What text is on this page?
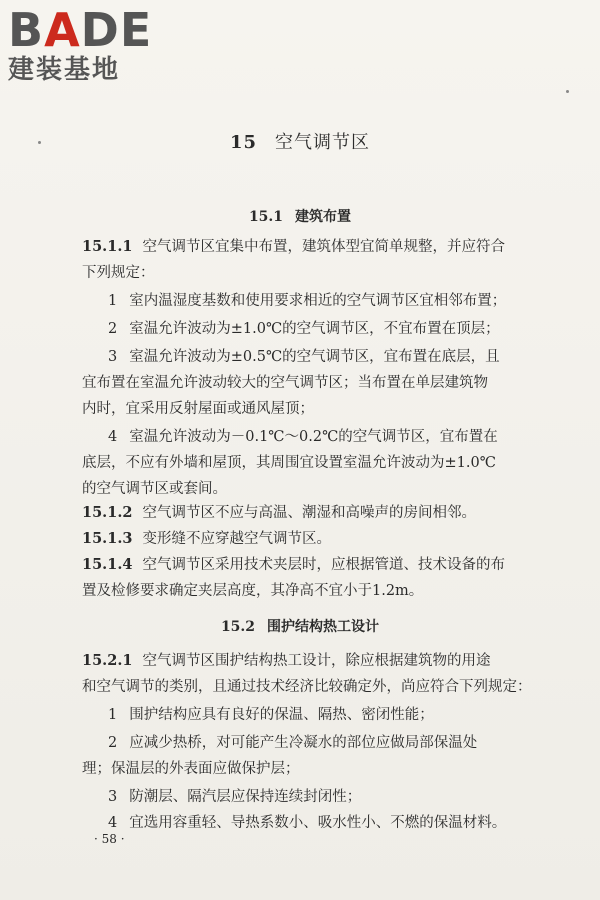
B A DE
建装基地
15 空气调节区
15.1 建筑布置
15.1.1 空气调节区宜集中布置，建筑体型宜简单规整，并应符合
下列规定：
1 室内温湿度基数和使用要求相近的空气调节区宜相邻布置；
2 室温允许波动为±1.0℃的空气调节区，不宜布置在顶层；
3 室温允许波动为±0.5℃的空气调节区，宜布置在底层，且
宜布置在室温允许波动较大的空气调节区；当布置在单层建筑物
内时，宜采用反射屋面或通风屋顶；
4 室温允许波动为－0.1℃～0.2℃的空气调节区，宜布置在
底层，不应有外墙和屋顶，其周围宜设置室温允许波动为±1.0℃
的空气调节区或套间。
15.1.2 空气调节区不应与高温、潮湿和高噪声的房间相邻。
15.1.3 变形缝不应穿越空气调节区。
15.1.4 空气调节区采用技术夹层时，应根据管道、技术设备的布
置及检修要求确定夹层高度，其净高不宜小于1.2m。
15.2 围护结构热工设计
15.2.1 空气调节区围护结构热工设计，除应根据建筑物的用途
和空气调节的类别，且通过技术经济比较确定外，尚应符合下列规定：
1 围护结构应具有良好的保温、隔热、密闭性能；
2 应减少热桥，对可能产生冷凝水的部位应做局部保温处
理；保温层的外表面应做保护层；
3 防潮层、隔汽层应保持连续封闭性；
4 宜选用容重轻、导热系数小、吸水性小、不燃的保温材料。
· 58 ·
